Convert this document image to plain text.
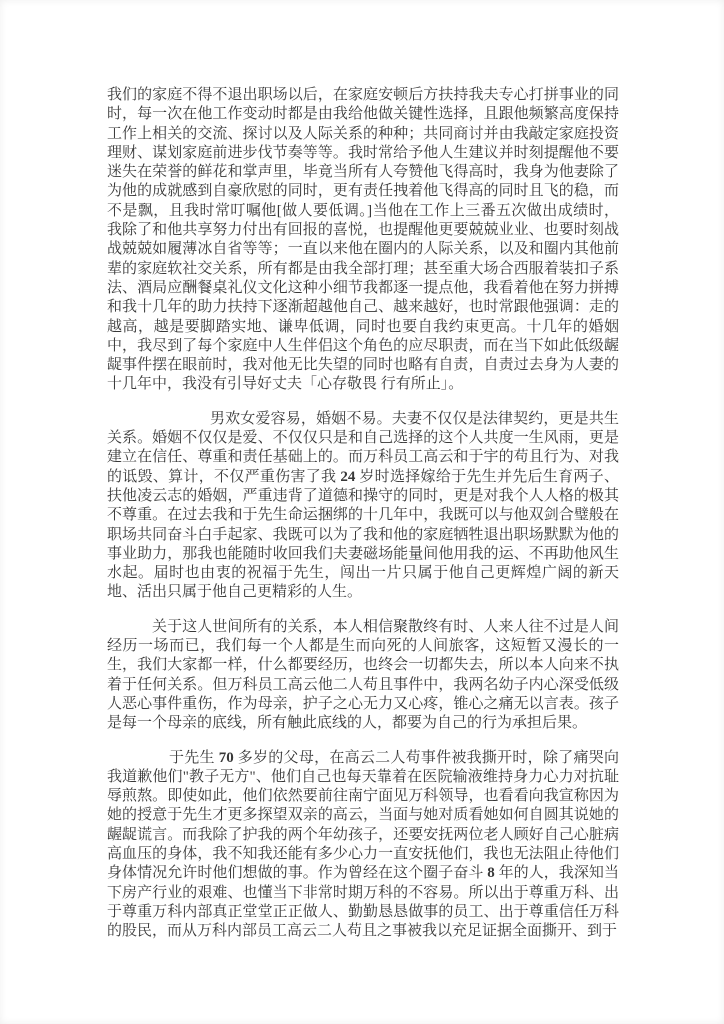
我们的家庭不得不退出职场以后，在家庭安顿后方扶持我夫专心打拼事业的同时，每一次在他工作变动时都是由我给他做关键性选择，且跟他频繁高度保持工作上相关的交流、探讨以及人际关系的种种；共同商讨并由我敲定家庭投资理财、谋划家庭前进步伐节奏等等。我时常给予他人生建议并时刻提醒他不要迷失在荣誉的鲜花和掌声里，毕竟当所有人夸赞他飞得高时，我身为他妻除了为他的成就感到自豪欣慰的同时，更有责任拽着他飞得高的同时且飞的稳，而不是飘，且我时常叮嘱他[做人要低调。]当他在工作上三番五次做出成绩时，我除了和他共享努力付出有回报的喜悦，也提醒他更要兢兢业业、也要时刻战战兢兢如履薄冰自省等等；一直以来他在圈内的人际关系，以及和圈内其他前辈的家庭软社交关系，所有都是由我全部打理；甚至重大场合西服着装扣子系法、酒局应酬餐桌礼仪文化这种小细节我都逐一提点他，我看着他在努力拼搏和我十几年的助力扶持下逐渐超越他自己、越来越好，也时常跟他强调：走的越高，越是要脚踏实地、谦卑低调，同时也要自我约束更高。十几年的婚姻中，我尽到了每个家庭中人生伴侣这个角色的应尽职责，而在当下如此低级龌龊事件摆在眼前时，我对他无比失望的同时也略有自责，自责过去身为人妻的十几年中，我没有引导好丈夫「心存敬畏 行有所止」。

男欢女爱容易，婚姻不易。夫妻不仅仅是法律契约，更是共生关系。婚姻不仅仅是爱、不仅仅只是和自己选择的这个人共度一生风雨，更是建立在信任、尊重和责任基础上的。而万科员工高云和于宇的苟且行为、对我的诋毁、算计，不仅严重伤害了我 24 岁时选择嫁给于先生并先后生育两子、扶他凌云志的婚姻，严重违背了道德和操守的同时，更是对我个人人格的极其不尊重。在过去我和于先生命运捆绑的十几年中，我既可以与他双剑合璧般在职场共同奋斗白手起家、我既可以为了我和他的家庭牺牲退出职场默默为他的事业助力，那我也能随时收回我们夫妻磁场能量间他用我的运、不再助他风生水起。届时也由衷的祝福于先生，闯出一片只属于他自己更辉煌广阔的新天地、活出只属于他自己更精彩的人生。

关于这人世间所有的关系，本人相信聚散终有时、人来人往不过是人间经历一场而已，我们每一个人都是生而向死的人间旅客，这短暂又漫长的一生，我们大家都一样，什么都要经历，也终会一切都失去，所以本人向来不执着于任何关系。但万科员工高云他二人苟且事件中，我两名幼子内心深受低级人恶心事件重伤，作为母亲，护子之心无力又心疼，锥心之痛无以言表。孩子是每一个母亲的底线，所有触此底线的人，都要为自己的行为承担后果。

于先生 70 多岁的父母，在高云二人苟事件被我撕开时，除了痛哭向我道歉他们"教子无方"、他们自己也每天靠着在医院输液维持身力心力对抗耻辱煎熬。即使如此，他们依然要前往南宁面见万科领导，也看看向我宣称因为她的授意于先生才更多探望双亲的高云，当面与她对质看她如何自圆其说她的龌龊谎言。而我除了护我的两个年幼孩子，还要安抚两位老人顾好自己心脏病高血压的身体，我不知我还能有多少心力一直安抚他们，我也无法阻止待他们身体情况允许时他们想做的事。作为曾经在这个圈子奋斗 8 年的人，我深知当下房产行业的艰难、也懂当下非常时期万科的不容易。所以出于尊重万科、出于尊重万科内部真正堂堂正正做人、勤勤恳恳做事的员工、出于尊重信任万科的股民，而从万科内部员工高云二人苟且之事被我以充足证据全面撕开、到于
